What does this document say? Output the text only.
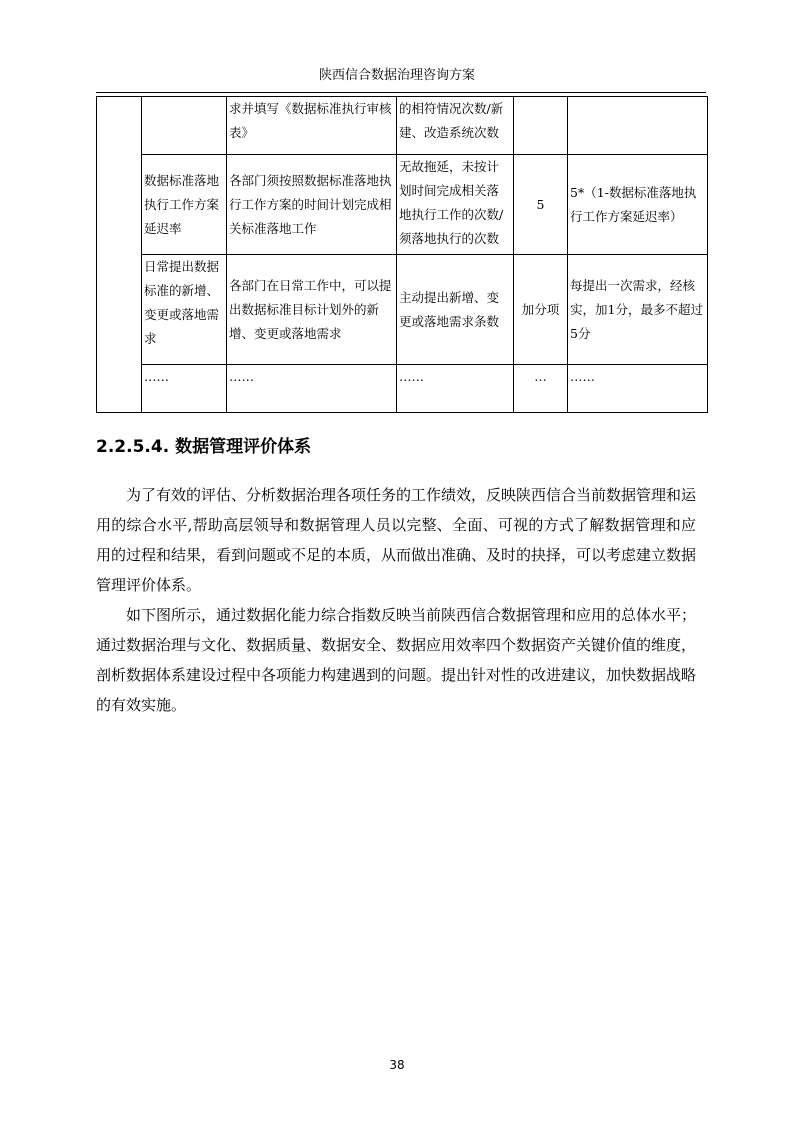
陕西信合数据治理咨询方案
		求并填写《数据标准执行审核表》	的相符情况次数/新建、改造系统次数		
	数据标准落地执行工作方案延迟率	各部门须按照数据标准落地执行工作方案的时间计划完成相关标准落地工作	无故拖延，未按计划时间完成相关落地执行工作的次数/须落地执行的次数	5	5*（1-数据标准落地执行工作方案延迟率）
	日常提出数据标准的新增、变更或落地需求	各部门在日常工作中，可以提出数据标准目标计划外的新增、变更或落地需求	主动提出新增、变更或落地需求条数	加分项	每提出一次需求，经核实，加1分，最多不超过5分
	……	……	……	…	……
2.2.5.4. 数据管理评价体系

为了有效的评估、分析数据治理各项任务的工作绩效，反映陕西信合当前数据管理和运用的综合水平,帮助高层领导和数据管理人员以完整、全面、可视的方式了解数据管理和应用的过程和结果，看到问题或不足的本质，从而做出准确、及时的抉择，可以考虑建立数据管理评价体系。

如下图所示，通过数据化能力综合指数反映当前陕西信合数据管理和应用的总体水平；通过数据治理与文化、数据质量、数据安全、数据应用效率四个数据资产关键价值的维度，剖析数据体系建设过程中各项能力构建遇到的问题。提出针对性的改进建议，加快数据战略的有效实施。

38
